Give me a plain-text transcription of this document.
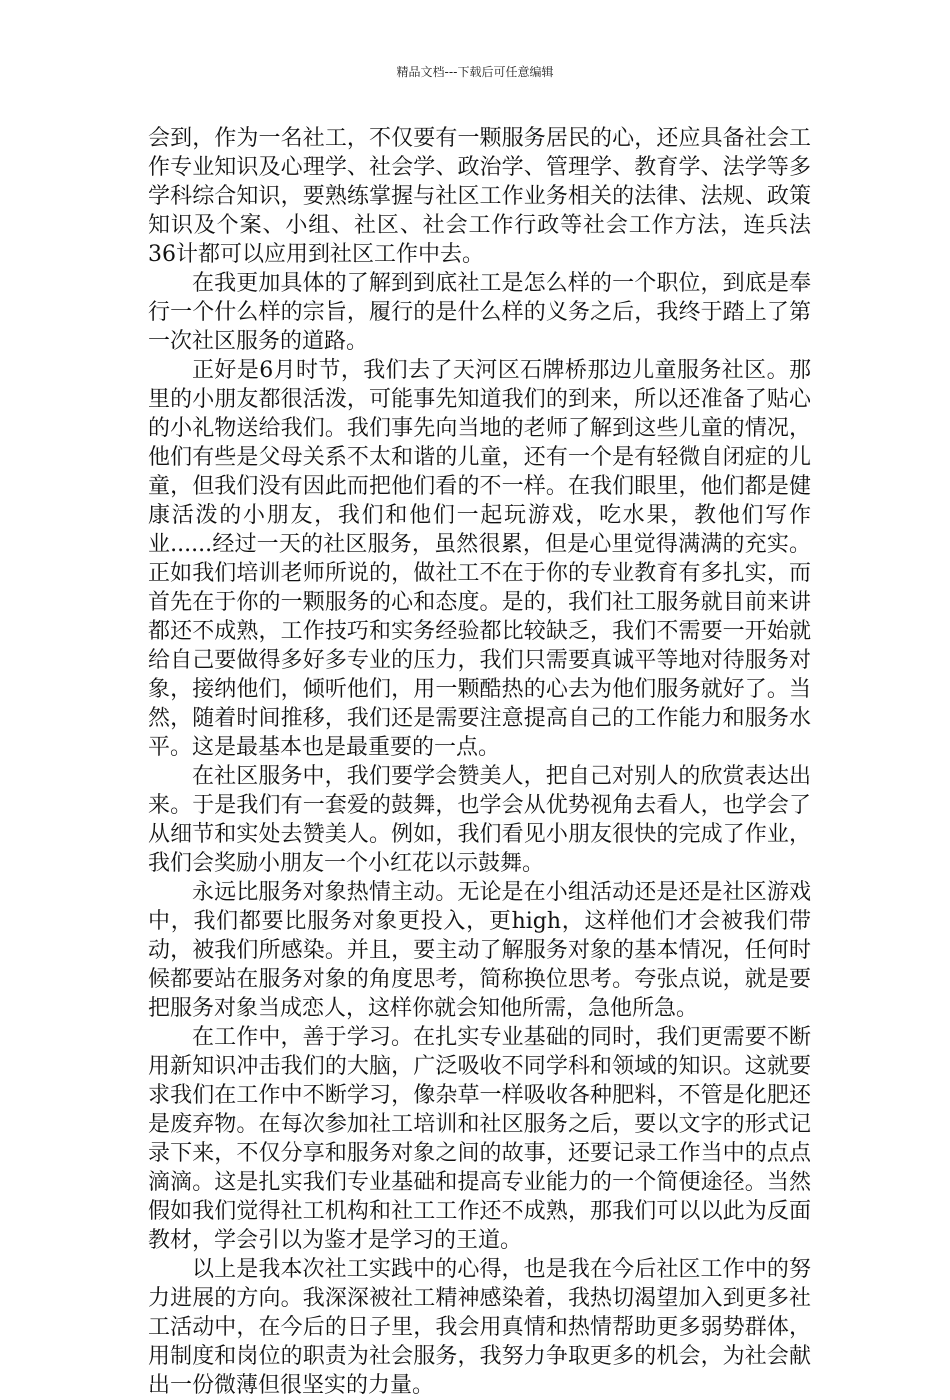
精品文档---下载后可任意编辑

会到，作为一名社工，不仅要有一颗服务居民的心，还应具备社会工作专业知识及心理学、社会学、政治学、管理学、教育学、法学等多学科综合知识，要熟练掌握与社区工作业务相关的法律、法规、政策知识及个案、小组、社区、社会工作行政等社会工作方法，连兵法36计都可以应用到社区工作中去。

在我更加具体的了解到到底社工是怎么样的一个职位，到底是奉行一个什么样的宗旨，履行的是什么样的义务之后，我终于踏上了第一次社区服务的道路。

正好是6月时节，我们去了天河区石牌桥那边儿童服务社区。那里的小朋友都很活泼，可能事先知道我们的到来，所以还准备了贴心的小礼物送给我们。我们事先向当地的老师了解到这些儿童的情况，他们有些是父母关系不太和谐的儿童，还有一个是有轻微自闭症的儿童，但我们没有因此而把他们看的不一样。在我们眼里，他们都是健康活泼的小朋友，我们和他们一起玩游戏，吃水果，教他们写作业......经过一天的社区服务，虽然很累，但是心里觉得满满的充实。正如我们培训老师所说的，做社工不在于你的专业教育有多扎实，而首先在于你的一颗服务的心和态度。是的，我们社工服务就目前来讲都还不成熟，工作技巧和实务经验都比较缺乏，我们不需要一开始就给自己要做得多好多专业的压力，我们只需要真诚平等地对待服务对象，接纳他们，倾听他们，用一颗酷热的心去为他们服务就好了。当然，随着时间推移，我们还是需要注意提高自己的工作能力和服务水平。这是最基本也是最重要的一点。

在社区服务中，我们要学会赞美人，把自己对别人的欣赏表达出来。于是我们有一套爱的鼓舞，也学会从优势视角去看人，也学会了从细节和实处去赞美人。例如，我们看见小朋友很快的完成了作业，我们会奖励小朋友一个小红花以示鼓舞。

永远比服务对象热情主动。无论是在小组活动还是还是社区游戏中，我们都要比服务对象更投入，更high，这样他们才会被我们带动，被我们所感染。并且，要主动了解服务对象的基本情况，任何时候都要站在服务对象的角度思考，简称换位思考。夸张点说，就是要把服务对象当成恋人，这样你就会知他所需，急他所急。

在工作中，善于学习。在扎实专业基础的同时，我们更需要不断用新知识冲击我们的大脑，广泛吸收不同学科和领域的知识。这就要求我们在工作中不断学习，像杂草一样吸收各种肥料，不管是化肥还是废弃物。在每次参加社工培训和社区服务之后，要以文字的形式记录下来，不仅分享和服务对象之间的故事，还要记录工作当中的点点滴滴。这是扎实我们专业基础和提高专业能力的一个简便途径。当然假如我们觉得社工机构和社工工作还不成熟，那我们可以以此为反面教材，学会引以为鉴才是学习的王道。

以上是我本次社工实践中的心得，也是我在今后社区工作中的努力进展的方向。我深深被社工精神感染着，我热切渴望加入到更多社工活动中，在今后的日子里，我会用真情和热情帮助更多弱势群体，用制度和岗位的职责为社会服务，我努力争取更多的机会，为社会献出一份微薄但很坚实的力量。
